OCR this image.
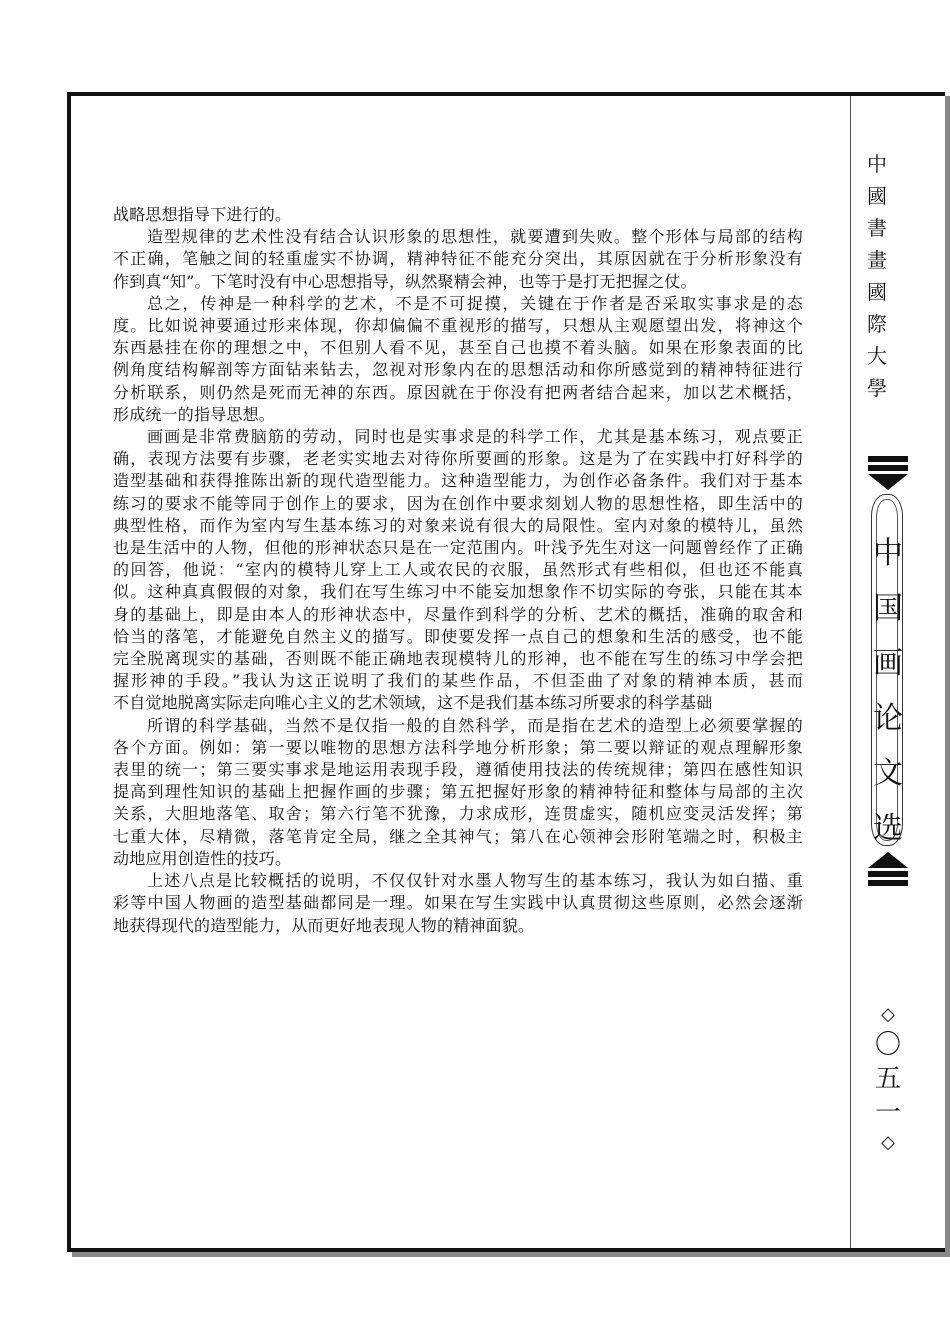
中
國
書
畫
國
際
大
學
中
国
画
论
文
选
◇
〇
五
一
◇
战略思想指导下进行的。
造型规律的艺术性没有结合认识形象的思想性，就要遭到失败。整个形体与局部的结构
不正确，笔触之间的轻重虚实不协调，精神特征不能充分突出，其原因就在于分析形象没有
作到真“知”。下笔时没有中心思想指导，纵然聚精会神，也等于是打无把握之仗。
总之，传神是一种科学的艺术，不是不可捉摸，关键在于作者是否采取实事求是的态
度。比如说神要通过形来体现，你却偏偏不重视形的描写，只想从主观愿望出发，将神这个
东西悬挂在你的理想之中，不但别人看不见，甚至自己也摸不着头脑。如果在形象表面的比
例角度结构解剖等方面钻来钻去，忽视对形象内在的思想活动和你所感觉到的精神特征进行
分析联系，则仍然是死而无神的东西。原因就在于你没有把两者结合起来，加以艺术概括，
形成统一的指导思想。
画画是非常费脑筋的劳动，同时也是实事求是的科学工作，尤其是基本练习，观点要正
确，表现方法要有步骤，老老实实地去对待你所要画的形象。这是为了在实践中打好科学的
造型基础和获得推陈出新的现代造型能力。这种造型能力，为创作必备条件。我们对于基本
练习的要求不能等同于创作上的要求，因为在创作中要求刻划人物的思想性格，即生活中的
典型性格，而作为室内写生基本练习的对象来说有很大的局限性。室内对象的模特儿，虽然
也是生活中的人物，但他的形神状态只是在一定范围内。叶浅予先生对这一问题曾经作了正确
的回答，他说：“室内的模特儿穿上工人或农民的衣服，虽然形式有些相似，但也还不能真
似。这种真真假假的对象，我们在写生练习中不能妄加想象作不切实际的夸张，只能在其本
身的基础上，即是由本人的形神状态中，尽量作到科学的分析、艺术的概括，准确的取舍和
恰当的落笔，才能避免自然主义的描写。即使要发挥一点自己的想象和生活的感受，也不能
完全脱离现实的基础，否则既不能正确地表现模特儿的形神，也不能在写生的练习中学会把
握形神的手段。”我认为这正说明了我们的某些作品，不但歪曲了对象的精神本质，甚而
不自觉地脱离实际走向唯心主义的艺术领域，这不是我们基本练习所要求的科学基础
所谓的科学基础，当然不是仅指一般的自然科学，而是指在艺术的造型上必须要掌握的
各个方面。例如：第一要以唯物的思想方法科学地分析形象；第二要以辩证的观点理解形象
表里的统一；第三要实事求是地运用表现手段，遵循使用技法的传统规律；第四在感性知识
提高到理性知识的基础上把握作画的步骤；第五把握好形象的精神特征和整体与局部的主次
关系，大胆地落笔、取舍；第六行笔不犹豫，力求成形，连贯虚实，随机应变灵活发挥；第
七重大体，尽精微，落笔肯定全局，继之全其神气；第八在心领神会形附笔端之时，积极主
动地应用创造性的技巧。
上述八点是比较概括的说明，不仅仅针对水墨人物写生的基本练习，我认为如白描、重
彩等中国人物画的造型基础都同是一理。如果在写生实践中认真贯彻这些原则，必然会逐渐
地获得现代的造型能力，从而更好地表现人物的精神面貌。
